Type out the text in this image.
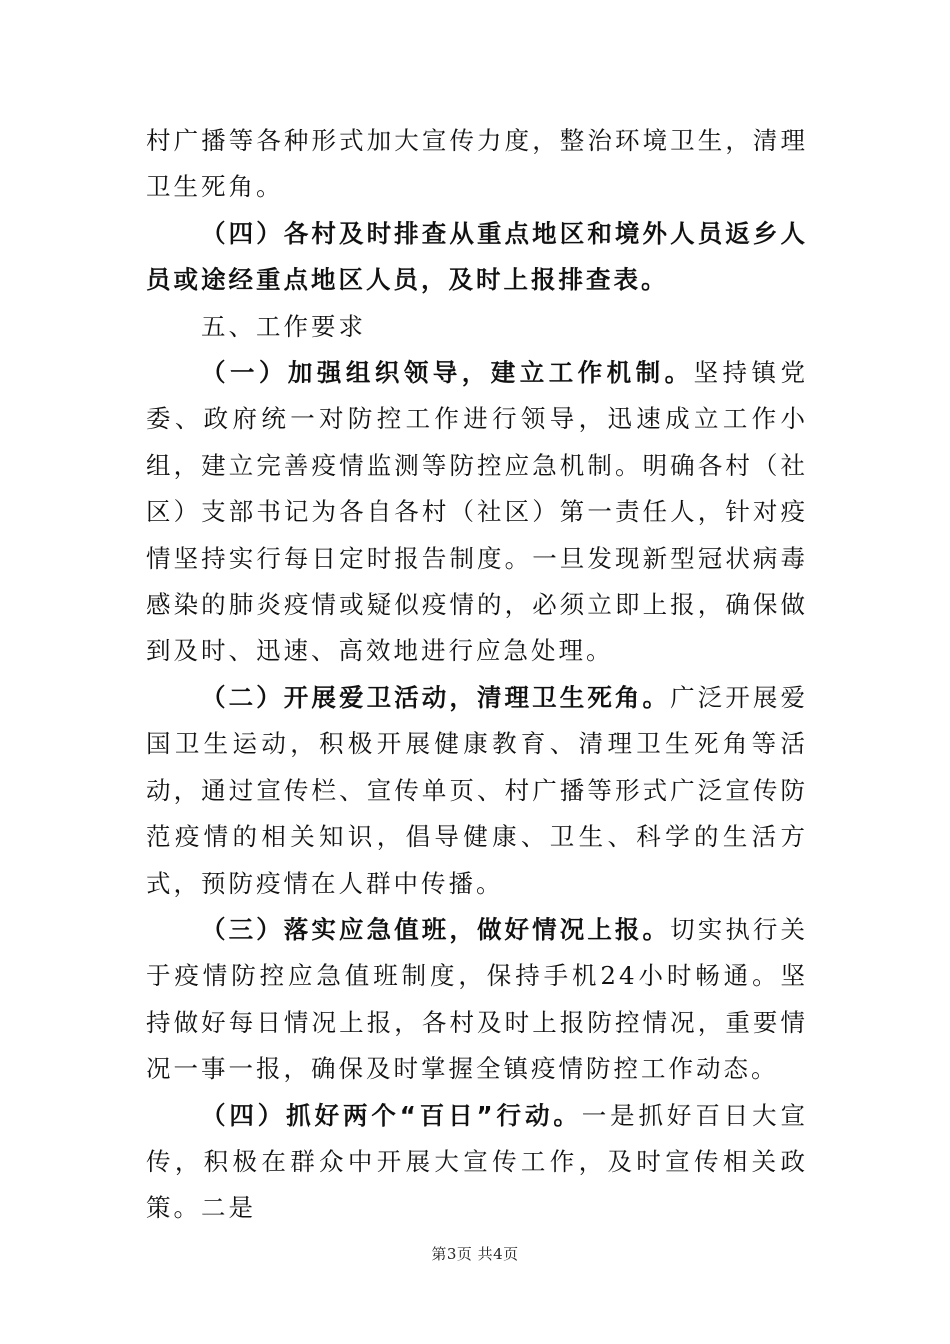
村广播等各种形式加大宣传力度，整治环境卫生，清理卫生死角。

（四）各村及时排查从重点地区和境外人员返乡人员或途经重点地区人员，及时上报排查表。

五、工作要求

（一）加强组织领导，建立工作机制。坚持镇党委、政府统一对防控工作进行领导，迅速成立工作小组，建立完善疫情监测等防控应急机制。明确各村（社区）支部书记为各自各村（社区）第一责任人，针对疫情坚持实行每日定时报告制度。一旦发现新型冠状病毒感染的肺炎疫情或疑似疫情的，必须立即上报，确保做到及时、迅速、高效地进行应急处理。

（二）开展爱卫活动，清理卫生死角。广泛开展爱国卫生运动，积极开展健康教育、清理卫生死角等活动，通过宣传栏、宣传单页、村广播等形式广泛宣传防范疫情的相关知识，倡导健康、卫生、科学的生活方式，预防疫情在人群中传播。

（三）落实应急值班，做好情况上报。切实执行关于疫情防控应急值班制度，保持手机24小时畅通。坚持做好每日情况上报，各村及时上报防控情况，重要情况一事一报，确保及时掌握全镇疫情防控工作动态。

（四）抓好两个“百日”行动。一是抓好百日大宣传，积极在群众中开展大宣传工作，及时宣传相关政策。二是

第3页 共4页
